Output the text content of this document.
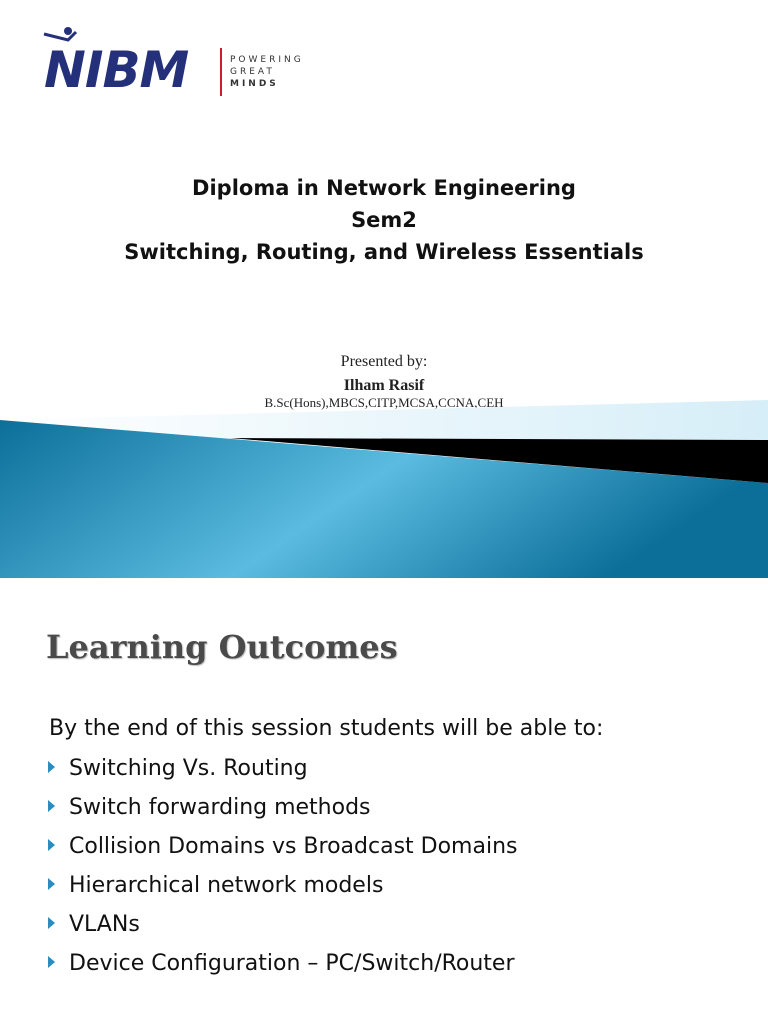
NIBM	POWERING
GREAT
MINDS
Diploma in Network Engineering
Sem2
Switching, Routing, and Wireless Essentials
Presented by:
Ilham Rasif
B.Sc(Hons),MBCS,CITP,MCSA,CCNA,CEH
Learning Outcomes
By the end of this session students will be able to:
Switching Vs. Routing
Switch forwarding methods
Collision Domains vs Broadcast Domains
Hierarchical network models
VLANs
Device Configuration – PC/Switch/Router
